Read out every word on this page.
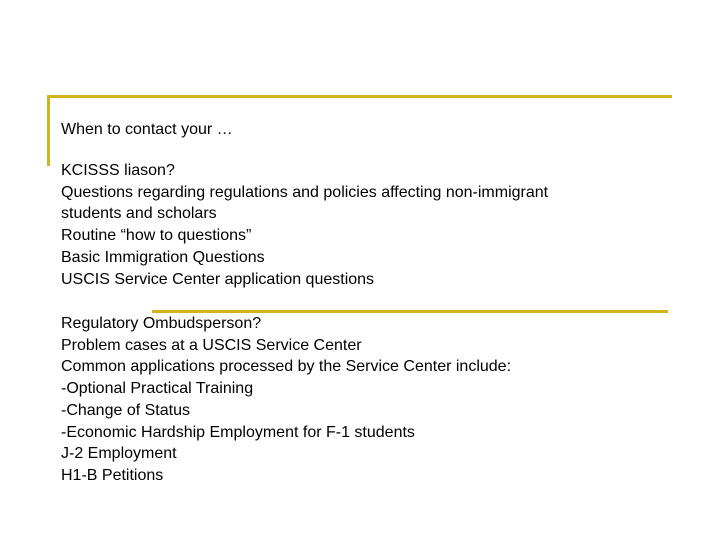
When to contact your …
KCISSS liason?
Questions regarding regulations and policies affecting non-immigrant
students and scholars
Routine “how to questions”
Basic Immigration Questions
USCIS Service Center application questions
Regulatory Ombudsperson?
Problem cases at a USCIS Service Center
Common applications processed by the Service Center include:
-Optional Practical Training
-Change of Status
-Economic Hardship Employment for F-1 students
J-2 Employment
H1-B Petitions
